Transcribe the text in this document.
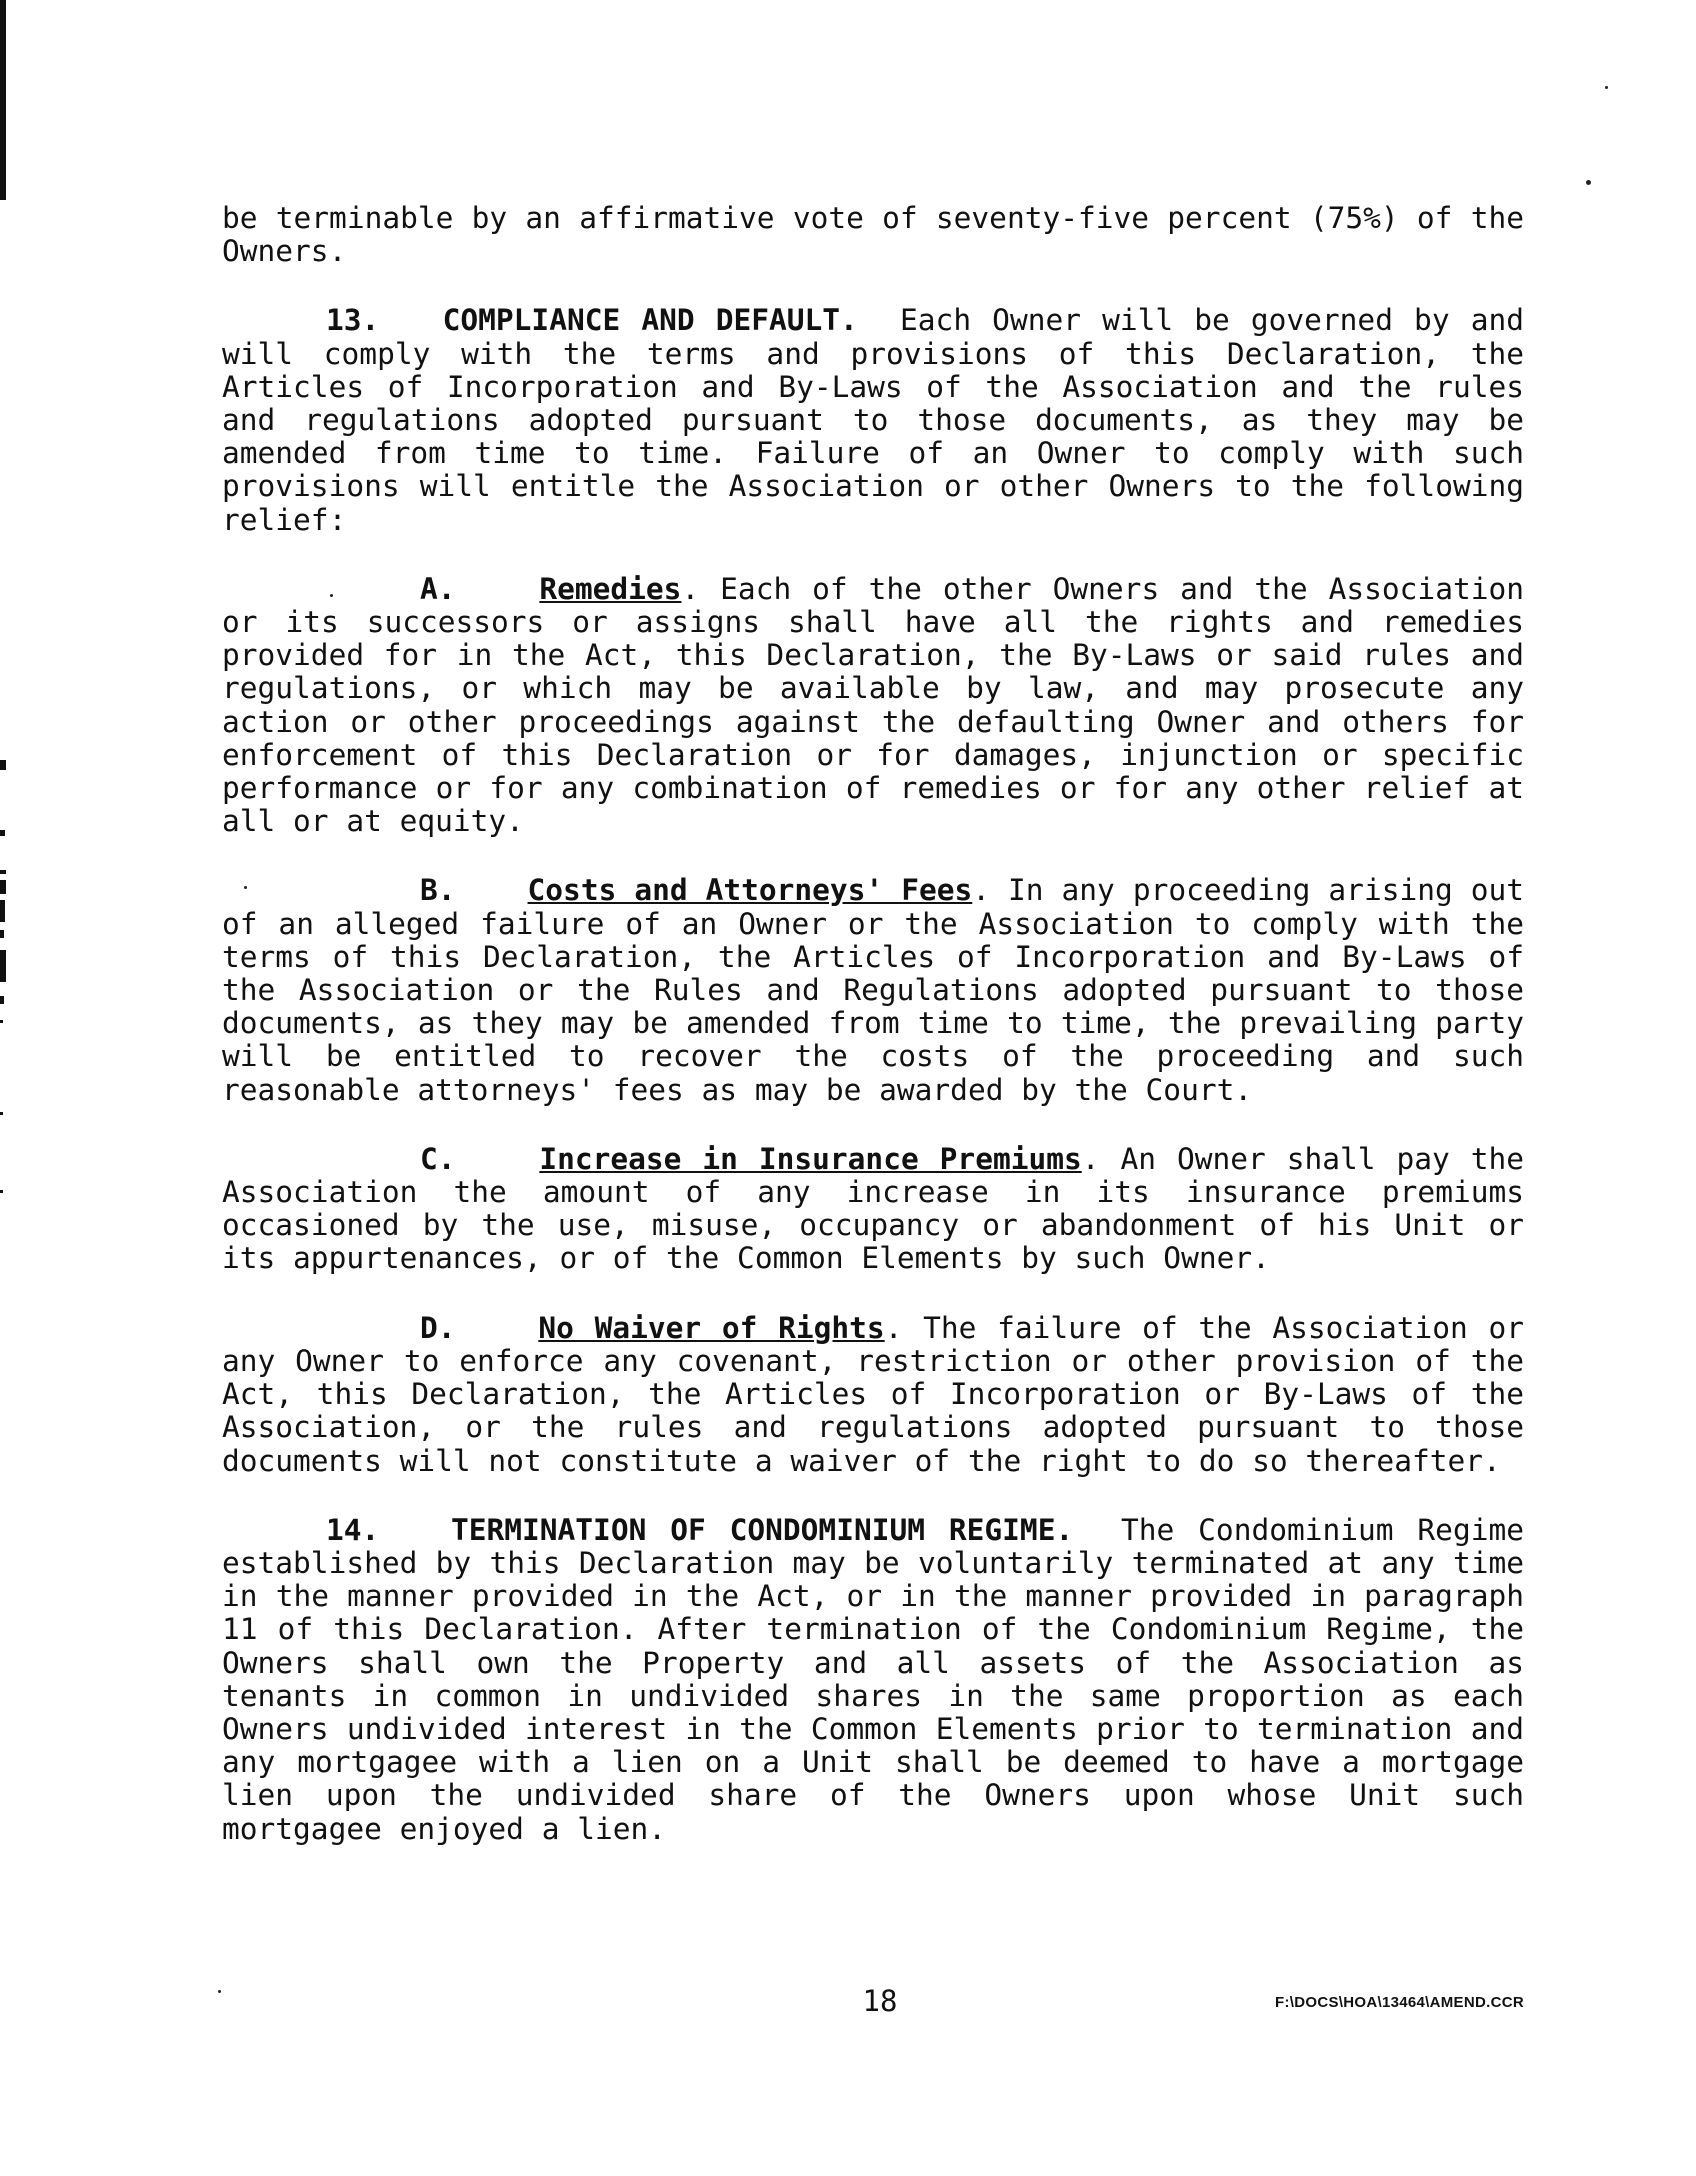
be terminable by an affirmative vote of seventy-five percent (75%) of the Owners.

13. COMPLIANCE AND DEFAULT. Each Owner will be governed by and will comply with the terms and provisions of this Declaration, the Articles of Incorporation and By-Laws of the Association and the rules and regulations adopted pursuant to those documents, as they may be amended from time to time. Failure of an Owner to comply with such provisions will entitle the Association or other Owners to the following relief:

A.	Remedies. Each of the other Owners and the Association or its successors or assigns shall have all the rights and remedies provided for in the Act, this Declaration, the By-Laws or said rules and regulations, or which may be available by law, and may prosecute any action or other proceedings against the defaulting Owner and others for enforcement of this Declaration or for damages, injunction or specific performance or for any combination of remedies or for any other relief at all or at equity.

B. Costs and Attorneys' Fees. In any proceeding arising out of an alleged failure of an Owner or the Association to comply with the terms of this Declaration, the Articles of Incorporation and By-Laws of the Association or the Rules and Regulations adopted pursuant to those documents, as they may be amended from time to time, the prevailing party will be entitled to recover the costs of the proceeding and such reasonable attorneys' fees as may be awarded by the Court.

C.	Increase in Insurance Premiums. An Owner shall pay the Association the amount of any increase in its insurance premiums occasioned by the use, misuse, occupancy or abandonment of his Unit or its appurtenances, or of the Common Elements by such Owner.

D.	No Waiver of Rights. The failure of the Association or any Owner to enforce any covenant, restriction or other provision of the Act, this Declaration, the Articles of Incorporation or By-Laws of the Association, or the rules and regulations adopted pursuant to those documents will not constitute a waiver of the right to do so thereafter.

14. TERMINATION OF CONDOMINIUM REGIME. The Condominium Regime established by this Declaration may be voluntarily terminated at any time in the manner provided in the Act, or in the manner provided in paragraph 11 of this Declaration. After termination of the Condominium Regime, the Owners shall own the Property and all assets of the Association as tenants in common in undivided shares in the same proportion as each Owners undivided interest in the Common Elements prior to termination and any mortgagee with a lien on a Unit shall be deemed to have a mortgage lien upon the undivided share of the Owners upon whose Unit such mortgagee enjoyed a lien.

18	F:\DOCS\HOA\13464\AMEND.CCR
